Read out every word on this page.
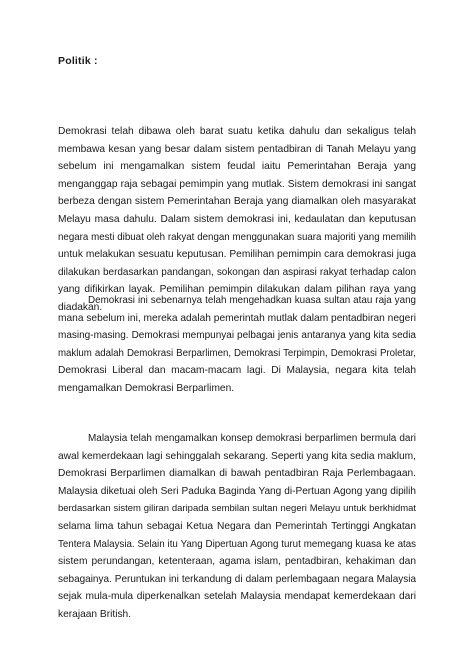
Politik :
Demokrasi telah dibawa oleh barat suatu ketika dahulu dan sekaligus telah
membawa kesan yang besar dalam sistem pentadbiran di Tanah Melayu yang
sebelum ini mengamalkan sistem feudal iaitu Pemerintahan Beraja yang
menganggap raja sebagai pemimpin yang mutlak. Sistem demokrasi ini sangat
berbeza dengan sistem Pemerintahan Beraja yang diamalkan oleh masyarakat
Melayu masa dahulu. Dalam sistem demokrasi ini, kedaulatan dan keputusan
negara mesti dibuat oleh rakyat dengan menggunakan suara majoriti yang memilih
untuk melakukan sesuatu keputusan. Pemilihan pemimpin cara demokrasi juga
dilakukan berdasarkan pandangan, sokongan dan aspirasi rakyat terhadap calon
yang difikirkan layak. Pemilihan pemimpin dilakukan dalam pilihan raya yang
diadakan.
Demokrasi ini sebenarnya telah mengehadkan kuasa sultan atau raja yang
mana sebelum ini, mereka adalah pemerintah mutlak dalam pentadbiran negeri
masing-masing. Demokrasi mempunyai pelbagai jenis antaranya yang kita sedia
maklum adalah Demokrasi Berparlimen, Demokrasi Terpimpin, Demokrasi Proletar,
Demokrasi Liberal dan macam-macam lagi. Di Malaysia, negara kita telah
mengamalkan Demokrasi Berparlimen.
Malaysia telah mengamalkan konsep demokrasi berparlimen bermula dari
awal kemerdekaan lagi sehinggalah sekarang. Seperti yang kita sedia maklum,
Demokrasi Berparlimen diamalkan di bawah pentadbiran Raja Perlembagaan.
Malaysia diketuai oleh Seri Paduka Baginda Yang di-Pertuan Agong yang dipilih
berdasarkan sistem giliran daripada sembilan sultan negeri Melayu untuk berkhidmat
selama lima tahun sebagai Ketua Negara dan Pemerintah Tertinggi Angkatan
Tentera Malaysia. Selain itu Yang Dipertuan Agong turut memegang kuasa ke atas
sistem perundangan, ketenteraan, agama islam, pentadbiran, kehakiman dan
sebagainya. Peruntukan ini terkandung di dalam perlembagaan negara Malaysia
sejak mula-mula diperkenalkan setelah Malaysia mendapat kemerdekaan dari
kerajaan British.
